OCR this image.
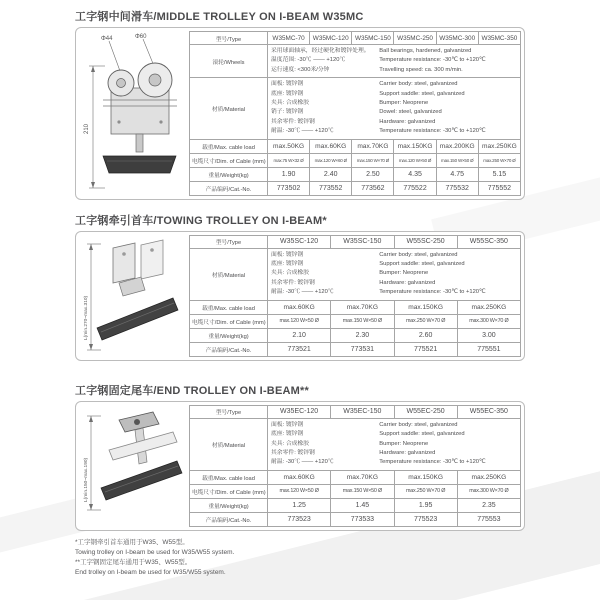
工字钢中间滑车/MIDDLE TROLLEY ON I-BEAM W35MC
Φ44	Φ60
210
型号/Type	W35MC-70	W35MC-120	W35MC-150	W35MC-250	W35MC-300	W35MC-350
滚轮/Wheels	
采用球面轴承，经过硬化和镀锌处理。	Ball bearings, hardened, galvanized
温度范围: -30℃ —— +120℃	Temperature resistance: -30℃ to +120℃
运行速度: <300米/分钟	Travelling speed: ca. 300 m/min.

材质/Material	
面板: 镀锌钢	Carrier body: steel, galvanized
底座: 镀锌钢	Support saddle: steel, galvanized
夹具: 合成橡胶	Bumper: Neoprene
销子: 镀锌钢	Dowel: steel, galvanized
其余零件: 镀锌钢	Hardware: galvanized
耐温: -30℃ —— +120℃	Temperature resistance: -30℃ to +120℃

载重/Max. cable load	max.50KG	max.60KG	max.70KG	max.150KG	max.200KG	max.250KG
电缆尺寸/Dim. of Cable (mm)	max.75 W×32 Ø	max.120 W×60 Ø	max.150 W×70 Ø	max.120 W×50 Ø	max.150 W×50 Ø	max.250 W×70 Ø
重量/Weight(kg)	1.90	2.40	2.50	4.35	4.75	5.15
产品编码/Cat.-No.	773502	773552	773562	775522	775532	775552
工字钢牵引首车/TOWING TROLLEY ON I-BEAM*
L(min.270~max.310)
型号/Type	W35SC-120	W35SC-150	W55SC-250	W55SC-350
材质/Material	
面板: 镀锌钢	Carrier body: steel, galvanized
底座: 镀锌钢	Support saddle: steel, galvanized
夹具: 合成橡胶	Bumper: Neoprene
其余零件: 镀锌钢	Hardware: galvanized
耐温: -30℃ —— +120℃	Temperature resistance: -30℃ to +120℃

载重/Max. cable load	max.60KG	max.70KG	max.150KG	max.250KG
电缆尺寸/Dim. of Cable (mm)	max.120 W×50 Ø	max.150 W×50 Ø	max.250 W×70 Ø	max.300 W×70 Ø
重量/Weight(kg)	2.10	2.30	2.60	3.00
产品编码/Cat.-No.	773521	773531	775521	775551
工字钢固定尾车/END TROLLEY ON I-BEAM**
L(min.150~max.190)
型号/Type	W35EC-120	W35EC-150	W55EC-250	W55EC-350
材质/Material	
面板: 镀锌钢	Carrier body: steel, galvanized
底座: 镀锌钢	Support saddle: steel, galvanized
夹具: 合成橡胶	Bumper: Neoprene
其余零件: 镀锌钢	Hardware: galvanized
耐温: -30℃ —— +120℃	Temperature resistance: -30℃ to +120℃

载重/Max. cable load	max.60KG	max.70KG	max.150KG	max.250KG
电缆尺寸/Dim. of Cable (mm)	max.120 W×50 Ø	max.150 W×50 Ø	max.250 W×70 Ø	max.300 W×70 Ø
重量/Weight(kg)	1.25	1.45	1.95	2.35
产品编码/Cat.-No.	773523	773533	775523	775553
*工字钢牵引首车通用于W35、W55型。
Towing trolley on I-beam be used for W35/W55 system.
**工字钢固定尾车通用于W35、W55型。
End trolley on I-beam be used for W35/W55 system.
